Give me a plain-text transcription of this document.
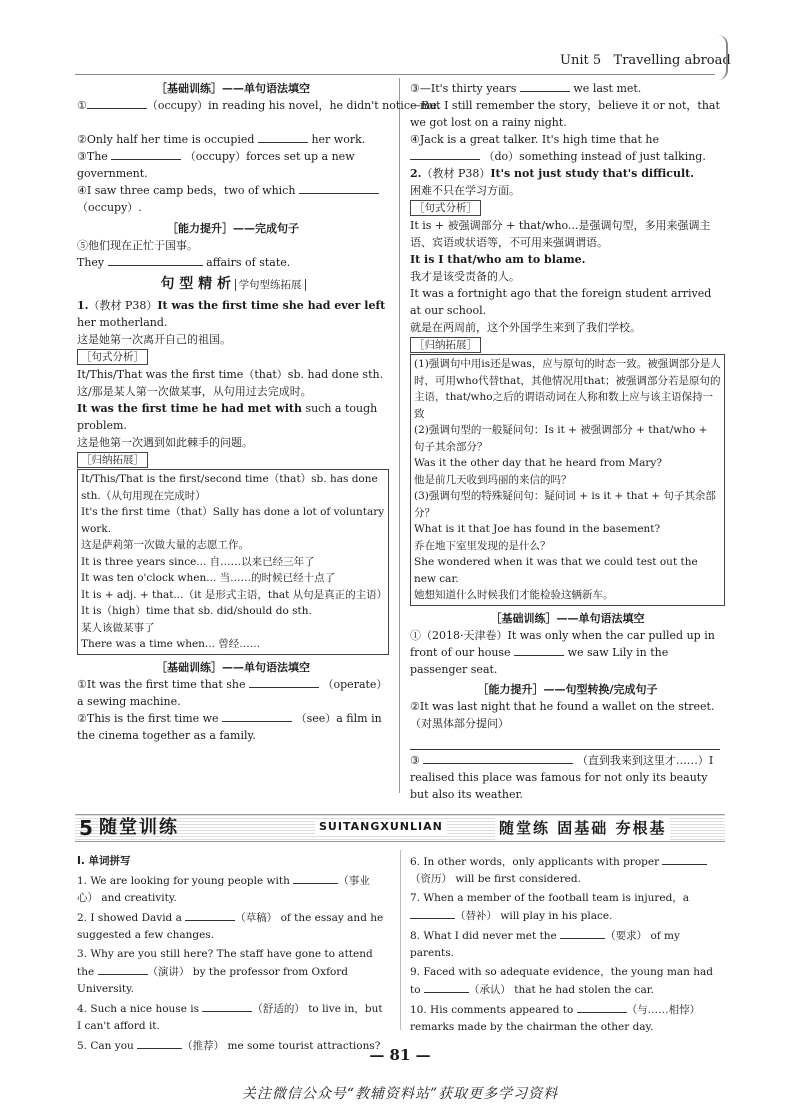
Unit 5 Travelling abroad
［基础训练］——单句语法填空
①	（occupy）in reading his novel，he didn't notice me.
②Only half her time is occupied	her work.
③The	（occupy）forces set up a new government.
④I saw three camp beds，two of which  （occupy）.
［能力提升］——完成句子
⑤他们现在正忙于国事。
They	affairs of state.
句 型 精 析 学句型练拓展
1.（教材 P38）It was the first time she had ever left her motherland.
这是她第一次离开自己的祖国。
［句式分析］
It/This/That was the first time（that）sb. had done sth.
这/那是某人第一次做某事，从句用过去完成时。
It was the first time he had met with such a tough problem.
这是他第一次遇到如此棘手的问题。
［归纳拓展］
It/This/That is the first/second time（that）sb. has done sth.（从句用现在完成时）
It's the first time（that）Sally has done a lot of voluntary work.
这是萨莉第一次做大量的志愿工作。
It is three years since... 自……以来已经三年了
It was ten o'clock when... 当……的时候已经十点了
It is + adj. + that...（it 是形式主语，that 从句是真正的主语）
It is（high）time that sb. did/should do sth.
某人该做某事了
There was a time when... 曾经……
［基础训练］——单句语法填空
①It was the first time that she	（operate）a sewing machine.
②This is the first time we	（see）a film in the cinema together as a family.
③—It's thirty years	we last met.
—But I still remember the story，believe it or not，that we got lost on a rainy night.
④Jack is a great talker. It's high time that he  （do）something instead of just talking.
2.（教材 P38）It's not just study that's difficult.
困难不只在学习方面。
［句式分析］
It is + 被强调部分 + that/who...是强调句型，多用来强调主语、宾语或状语等，不可用来强调谓语。
It is I that/who am to blame.
我才是该受责备的人。
It was a fortnight ago that the foreign student arrived at our school.
就是在两周前，这个外国学生来到了我们学校。
［归纳拓展］
(1)强调句中用is还是was，应与原句的时态一致。被强调部分是人时，可用who代替that，其他情况用that；被强调部分若是原句的主语，that/who之后的谓语动词在人称和数上应与该主语保持一致
(2)强调句型的一般疑问句：Is it + 被强调部分 + that/who + 句子其余部分？
Was it the other day that he heard from Mary?
他是前几天收到玛丽的来信的吗？
(3)强调句型的特殊疑问句：疑问词 + is it + that + 句子其余部分？
What is it that Joe has found in the basement?
乔在地下室里发现的是什么？
She wondered when it was that we could test out the new car.
她想知道什么时候我们才能检验这辆新车。
［基础训练］——单句语法填空
①（2018·天津卷）It was only when the car pulled up in front of our house	we saw Lily in the passenger seat.
［能力提升］——句型转换/完成句子
②It was last night that he found a wallet on the street.（对黑体部分提问）
③	（直到我来到这里才……）I realised this place was famous for not only its beauty but also its weather.
5 随堂训练	SUITANGXUNLIAN	随堂练 固基础 夯根基
Ⅰ. 单词拼写
1. We are looking for young people with	（事业心） and creativity.
2. I showed David a	（草稿） of the essay and he suggested a few changes.
3. Why are you still here? The staff have gone to attend the	（演讲） by the professor from Oxford University.
4. Such a nice house is	（舒适的） to live in，but I can't afford it.
5. Can you	（推荐） me some tourist attractions?
6. In other words，only applicants with proper （资历） will be first considered.
7. When a member of the football team is injured，a （替补） will play in his place.
8. What I did never met the	（要求） of my parents.
9. Faced with so adequate evidence，the young man had to	（承认） that he had stolen the car.
10. His comments appeared to	（与……相悖） remarks made by the chairman the other day.
— 81 —
关注微信公众号“教辅资料站”获取更多学习资料
